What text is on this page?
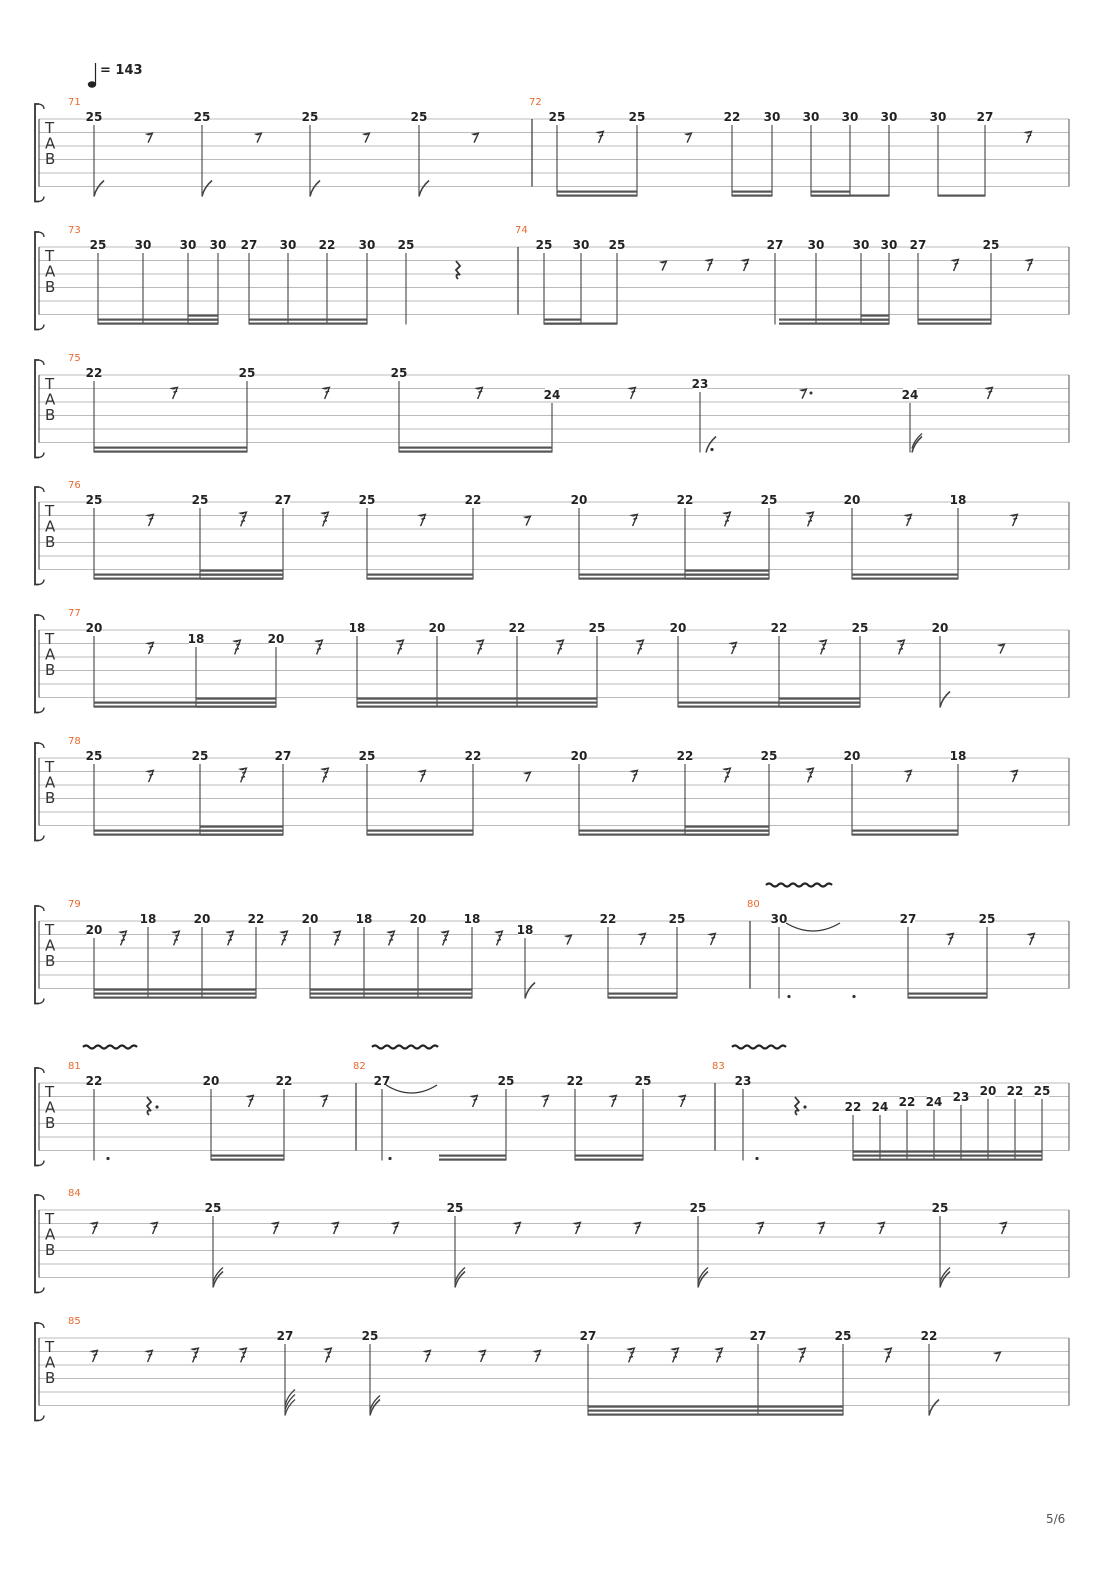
= 143
T
A
B
71
25	25	25	25
72
25	25	22 30 30 30 30	30	27
T
A
B
73
25 30 30 30 27 30 22 30 25
74
25 30 25	27 30 30 30 27	25
T
A
B
75
22	25	25
24
23
24
T
A
B
76
25	25	27	25	22	20	22	25	20	18
T
A
B
77
20
18	20
18	20	22	25	20	22	25	20
T
A
B
78
25	25	27	25	22	20	22	25	20	18
T
A
B
79
20
18	20	22	20	18	20	18
18
22	25
80
30	27	25
T
A
B
81
22	20	22
82
27	25	22	25
83
23
22 24 22 24 23 20 22 25
T
A
B
84
25	25	25	25
T
A
B
85
27	25	27	27	25	22
5/6
